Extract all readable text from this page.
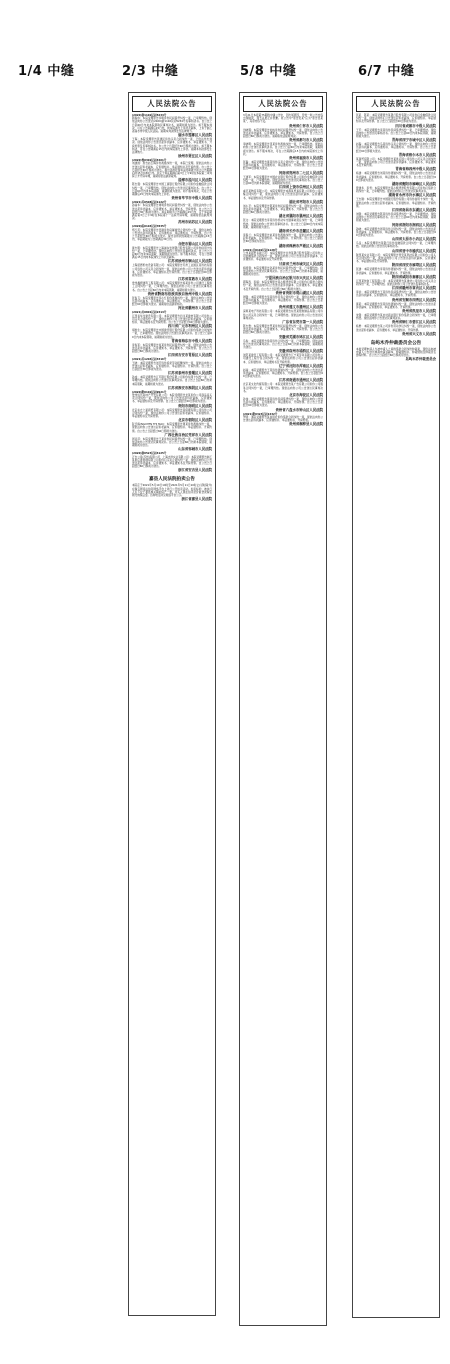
1/4 中缝	2/3 中缝	5/8 中缝	6/7 中缝
人民法院公告
(2020)浙1102民初5234号
顾春伟：本院受理原告李明诉你民间借贷纠纷一案，已审理终结。现依法向你公告送达(2020)浙1102民初5234号民事判决书。自公告之日起60日内来本院领取民事判决书，逾期则视为送达。如不服本判决，可在公告期满后15日内，向本院递交上诉状及副本，上诉于浙江省丽水市中级人民法院。逾期本判决即发生法律效力。
丽水市莲都区人民法院
王海：本院受理原告张建民诉你买卖合同纠纷一案，已依法作出判决。现依法向你公告送达起诉状副本、应诉通知书、举证通知书、开庭传票及民事判决书。自公告之日起经过60日即视为送达。如不服本判决，可在公告期满后15日内向本院递交上诉状。逾期本判决即发生法律效力。
徐州市贾汪区人民法院
(2020)鲁0302民初4461号
刘建国：原告赵玉梅诉你离婚纠纷一案，本院已受理。现依法向你公告送达起诉状副本、应诉通知书、举证通知书及开庭传票。自公告之日起经过60日即视为送达。提出答辩状和举证的期限分别为公告期满后的15日和30日内。并定于举证期满后第3日上午9时在本院第二审判庭公开开庭审理，逾期将依法缺席裁判。
淄博市淄川区人民法院
陈志强：本院受理原告中国工商银行股份有限公司诉你金融借款合同纠纷一案，已审理终结。现依法向你公告送达民事判决书。自公告之日起60日内来本院领取，逾期则视为送达。如不服本判决，可在公告期满后15日内向本院递交上诉状。
贵州省毕节市中级人民法院
(2021)苏0508民初1122号
孙丽华：本院受理原告周明诉你民间借贷纠纷一案，现依法向你公告送达起诉状副本、应诉通知书、举证通知书、开庭传票。自公告之日起经过30日即视为送达。举证期限为公告期满后15日内，定于举证期满后第3日上午9时在本院第十一法庭开庭审理，逾期将依法缺席判决。
苏州市姑苏区人民法院
(2020)皖0104民初7835号
郑红英：本院受理原告吴刚诉你房屋租赁合同纠纷一案，现依法向你公告送达起诉状副本、应诉通知书、举证通知书、开庭传票。自公告之日起经过60日即视为送达。提出答辩状的期限为公告期满后15日内，举证期限为公告期满后30日内。
合肥市蜀山区人民法院
黄志明：本院受理原告上海浦东发展银行股份有限公司诉你信用卡纠纷一案，已审理终结。现依法向你公告送达民事判决书。自公告之日起60日内来本院领取，逾期则视为送达。如不服本判决，可在公告期满后15日内向本院递交上诉状及副本。
江苏省徐州市铜山区人民法院
上海诺德机电设备有限公司：本院受理原告苏州工业园区某科技有限公司诉你公司买卖合同纠纷一案，现依法向你公司公告送达起诉状副本、应诉通知书、举证通知书及开庭传票。自公告之日起经过60日即视为送达。
江苏省常熟市人民法院
贵州鑫源建筑工程有限公司：本院受理原告杨某诉你公司建设工程施工合同纠纷一案，已审理终结。现依法向你公司公告送达民事判决书。自公告之日起60日内来本院领取，逾期则视为送达。
贵州省黔南布依族苗族自治州中级人民法院
张俊飞：本院受理原告李小红诉你离婚纠纷一案，现依法向你公告送达起诉状副本、应诉通知书、举证通知书、开庭传票。自公告之日起经过60日即视为送达。逾期将依法缺席判决。
河北省霸州市人民法院
(2021)川0801民初2314号
江西省华龙建设有限公司：本院受理原告四川某建材有限公司诉你公司买卖合同纠纷一案，现依法向你公司公告送达起诉状副本、应诉通知书、举证通知书及开庭传票。自公告之日起经过60日即视为送达。
四川省广元市利州区人民法院
胡秋生：本院受理原告中国建设银行股份有限公司诉你借款合同纠纷一案，已审理终结。现依法向你公告送达民事判决书。自公告之日起60日内来本院领取，逾期则视为送达。
青海省海东市中级人民法院
李俊军：本院受理原告何某诉你民间借贷纠纷一案，现依法向你公告送达起诉状副本、应诉通知书、举证通知书、开庭传票。自公告之日起经过60日即视为送达。
江西省吉安市青原区人民法院
(2021)苏1204民初3316号
王晓：本院受理原告刘芳诉你追索劳动报酬纠纷一案，现依法向你公告送达起诉状副本、应诉通知书、举证通知书、开庭传票。自公告之日起经过30日即视为送达。
江苏省泰州市姜堰区人民法院
孙成：本院受理原告江苏银行股份有限公司诉你信用卡纠纷一案，已审理终结。现依法向你公告送达民事判决书。自公告之日起60日内来本院领取，逾期则视为送达。
江苏省淮安市淮阴区人民法院
(2020)黔0102民初9921号
贵州恒达房地产开发有限公司：本院受理原告龙某诉你公司商品房买卖合同纠纷一案，现依法向你公司公告送达起诉状副本、应诉通知书、举证通知书及开庭传票。自公告之日起经过60日即视为送达。
贵阳市南明区人民法院
北京东方之星商贸有限公司：本院受理原告某保理有限公司诉你公司合同纠纷一案，现依法向你公司公告送达起诉状副本、应诉通知书、举证通知书及开庭传票。
北京市朝阳区人民法院
阮氏梅(NGUYEN THI MAI)：本院受理原告周某诉你离婚纠纷一案，现依法向你公告送达起诉状副本、应诉通知书、举证通知书、开庭传票。自公告之日起经过60日即视为送达。
广西壮族自治区凭祥市人民法院
周亚萍：本院受理原告王某诉你民间借贷纠纷一案，已审理终结。现依法向你公告送达民事判决书。自公告之日起60日内来本院领取，逾期则视为送达。
山东省邹城市人民法院
(2020)浙0523民初4125号
万吉公司(苏州)有限公司、上海吉祥实业有限公司：本院受理原告浙江某供应链管理有限公司诉你们买卖合同纠纷一案，现依法向你们公告送达起诉状副本、应诉通知书、举证通知书及开庭传票。自公告之日起经过60日即视为送达。
浙江省安吉县人民法院
嘉县人民法院拍卖公告
本院定于2021年5月10日10时至2021年5月11日10时止(延时除外)在淘宝网司法拍卖网络平台上进行公开拍卖活动。拍卖标的：被执行人名下位于嘉县城关镇的房产一套。竞买人须在拍卖竞价前登录淘宝网交纳保证金。咨询电话详见网络平台公示。
浙江省嘉县人民法院
人民法院公告
3月21日本报第75期的中缝公告中，因出版原因，导致一则公告内容出现错误，现予以更正并致歉。原公告中“原告吴某”应为“原告吴某某”，其余内容不变。
贵州省仁怀市人民法院
田晓辉：本院受理原告刘成诉你民间借贷纠纷一案，现依法向你公告送达起诉状副本、应诉通知书、举证通知书、开庭传票。自公告之日起经过60日即视为送达。逾期将依法缺席判决。
贵州省都匀市人民法院
李晓明：本院受理原告张某诉你离婚纠纷一案，已审理终结。现依法向你公告送达民事判决书。自公告之日起60日内来本院领取，逾期则视为送达。如不服本判决，可在公告期满后15日内向本院递交上诉状。
贵州省福泉市人民法院
张磊：本院受理原告黄某诉你买卖合同纠纷一案，现依法向你公告送达起诉状副本、应诉通知书、举证通知书、开庭传票。自公告之日起经过60日即视为送达。
河南省郑州市二七区人民法院
王建军：本院受理原告中国农业银行股份有限公司诉你金融借款合同纠纷一案，已审理终结。现依法向你公告送达民事判决书。自公告之日起60日内来本院领取，逾期则视为送达。
江西省上饶市信州区人民法院
重庆某物流有限公司：本院受理原告成都某贸易有限公司诉你公司运输合同纠纷一案，现依法向你公司公告送达起诉状副本、应诉通知书、举证通知书及开庭传票。
湖北省枣阳市人民法院
刘小平：本院受理原告陈某诉你民间借贷纠纷一案，现依法向你公告送达起诉状副本、应诉通知书、举证通知书、开庭传票。自公告之日起经过60日即视为送达。
湖北省襄阳市襄州区人民法院
张文：本院受理原告李某诉你机动车交通事故责任纠纷一案，已审理终结。现依法向你公告送达民事判决书。自公告之日起60日内来本院领取，逾期则视为送达。
湖南省长沙市岳麓区人民法院
李春兰：本院受理原告赵某诉你离婚纠纷一案，现依法向你公告送达起诉状副本、应诉通知书、举证通知书、开庭传票。自公告之日起经过60日即视为送达。
湖南省株洲市芦淞区人民法院
(2021)甘0102民初1128号
兰州某商贸有限公司：本院受理原告甘肃某银行股份有限公司诉你公司金融借款合同纠纷一案，现依法向你公司公告送达起诉状副本、应诉通知书、举证通知书及开庭传票。
甘肃省兰州市城关区人民法院
杨国强：本院受理原告孙某诉你民间借贷纠纷一案，已审理终结。现依法向你公告送达民事判决书。自公告之日起60日内来本院领取，逾期则视为送达。
宁夏回族自治区银川市兴庆区人民法院
郭海涛、李娟：本院受理原告某小额贷款有限公司诉你们借款合同纠纷一案，现依法向你们公告送达起诉状副本、应诉通知书、举证通知书及开庭传票。自公告之日起经过60日即视为送达。
贵州省贵阳市观山湖区人民法院
周强：本院受理原告吴某诉你劳务合同纠纷一案，现依法向你公告送达起诉状副本、应诉通知书、举证通知书、开庭传票。自公告之日起经过60日即视为送达。
贵州省遵义市播州区人民法院
深圳某电子科技有限公司：本院受理原告东莞某塑胶制品有限公司诉你公司买卖合同纠纷一案，已审理终结。现依法向你公司公告送达民事判决书。
广东省东莞市第一人民法院
陈志勇：本院受理原告罗某诉你民间借贷纠纷一案，现依法向你公告送达起诉状副本、应诉通知书、举证通知书、开庭传票。自公告之日起经过60日即视为送达。
安徽省芜湖市鸠江区人民法院
马俊：本院受理原告徐某诉你合同纠纷一案，已审理终结。现依法向你公告送达民事判决书。自公告之日起60日内来本院领取，逾期则视为送达。
安徽省宿州市埇桥区人民法院
沈阳某建设工程有限公司：本院受理原告辽宁某劳务有限公司诉你公司建设工程分包合同纠纷一案，现依法向你公司公告送达起诉状副本、应诉通知书、举证通知书及开庭传票。
辽宁省沈阳市浑南区人民法院
赵丽：本院受理原告王某诉你离婚纠纷一案，现依法向你公告送达起诉状副本、应诉通知书、举证通知书、开庭传票。自公告之日起经过60日即视为送达。
江苏省南通市通州区人民法院
北京某文化传媒有限公司：本院受理原告某广告有限公司诉你公司服务合同纠纷一案，已审理终结。现依法向你公司公告送达民事判决书。
北京市海淀区人民法院
孙伟：本院受理原告黄某诉你民间借贷纠纷一案，现依法向你公告送达起诉状副本、应诉通知书、举证通知书、开庭传票。自公告之日起经过60日即视为送达。
贵州省六盘水市钟山区人民法院
(2021)黔0323民初1432号
罗明：本院受理原告某信用社诉你借款合同纠纷一案，现依法向你公告送达起诉状副本、应诉通知书、举证通知书、开庭传票。
贵州省桐梓县人民法院
人民法院公告
张某、陈某：本院受理原告某银行股份有限公司诉你们金融借款合同纠纷一案，现依法向你们公告送达起诉状副本、应诉通知书、举证通知书及开庭传票。自公告之日起经过60日即视为送达。
四川省成都市中级人民法院
王芳：本院受理原告李某诉你民间借贷纠纷一案，已审理终结。现依法向你公告送达民事判决书。自公告之日起60日内来本院领取，逾期则视为送达。
青海省西宁市城中区人民法院
赵海：本院受理原告马某诉你买卖合同纠纷一案，现依法向你公告送达起诉状副本、应诉通知书、举证通知书、开庭传票。自公告之日起经过60日即视为送达。
青海省格尔木市人民法院
某商贸有限公司：本院受理原告某供应链公司诉你公司买卖合同纠纷一案，现依法向你公司公告送达起诉状副本、应诉通知书、举证通知书及开庭传票。
青海省海西州中级人民法院
杨建：本院受理原告刘某诉你离婚纠纷一案，现依法向你公告送达起诉状副本、应诉通知书、举证通知书、开庭传票。自公告之日起经过60日即视为送达。
湖南省衡阳市雁峰区人民法院
曾建华、李雪：本院受理原告某小额贷款股份有限公司诉你们借款合同纠纷一案，已审理终结。现依法向你们公告送达民事判决书。
湖南省永州市冷水滩区人民法院
王志刚：本院受理原告中国银行股份有限公司诉你信用卡纠纷一案，现依法向你公告送达起诉状副本、应诉通知书、举证通知书、开庭传票。
江西省南昌市东湖区人民法院
刘强：本院受理原告陈某诉你民间借贷纠纷一案，已审理终结。现依法向你公告送达民事判决书。自公告之日起60日内来本院领取，逾期则视为送达。
河南省洛阳市涧西区人民法院
孙晓：本院受理原告周某诉你合同纠纷一案，现依法向你公告送达起诉状副本、应诉通知书、举证通知书、开庭传票。自公告之日起经过60日即视为送达。
山西省太原市小店区人民法院
马良：本院受理原告某银行诉你金融借款合同纠纷一案，已审理终结。现依法向你公告送达民事判决书。
山西省晋中市榆次区人民法院
陕西某实业有限公司：本院受理原告西安某科技有限公司诉你公司买卖合同纠纷一案，现依法向你公司公告送达起诉状副本、应诉通知书、举证通知书及开庭传票。
陕西省西安市雁塔区人民法院
张建：本院受理原告李某诉你离婚纠纷一案，现依法向你公告送达起诉状副本、应诉通知书、举证通知书、开庭传票。
陕西省咸阳市秦都区人民法院
江西某装饰工程有限公司：本院受理原告某建材公司诉你公司买卖合同纠纷一案，已审理终结。现依法向你公司公告送达民事判决书。
江西省赣州市章贡区人民法院
李华：本院受理原告王某诉你民间借贷纠纷一案，现依法向你公告送达起诉状副本、应诉通知书、举证通知书、开庭传票。
贵州省安顺市西秀区人民法院
黄某：本院受理原告吴某诉你离婚纠纷一案，现依法向你公告送达起诉状副本、应诉通知书、举证通知书、开庭传票。
贵州省凯里市人民法院
朱强：本院受理原告某农村商业银行诉你借款合同纠纷一案，已审理终结。现依法向你公告送达民事判决书。
贵州省铜仁市碧江区人民法院
杨勇：本院受理原告某公司诉你劳动争议纠纷一案，现依法向你公告送达起诉状副本、应诉通知书、举证通知书、开庭传票。
贵州省兴义市人民法院
岛屿木乔仲裁委员会公告
本委受理申请人与被申请人之间的借款合同纠纷仲裁案，现依法向被申请人公告送达仲裁申请书副本、仲裁通知书、仲裁规则及仲裁员名册等材料。自公告之日起经过60日即视为送达。
岛屿木乔仲裁委员会
